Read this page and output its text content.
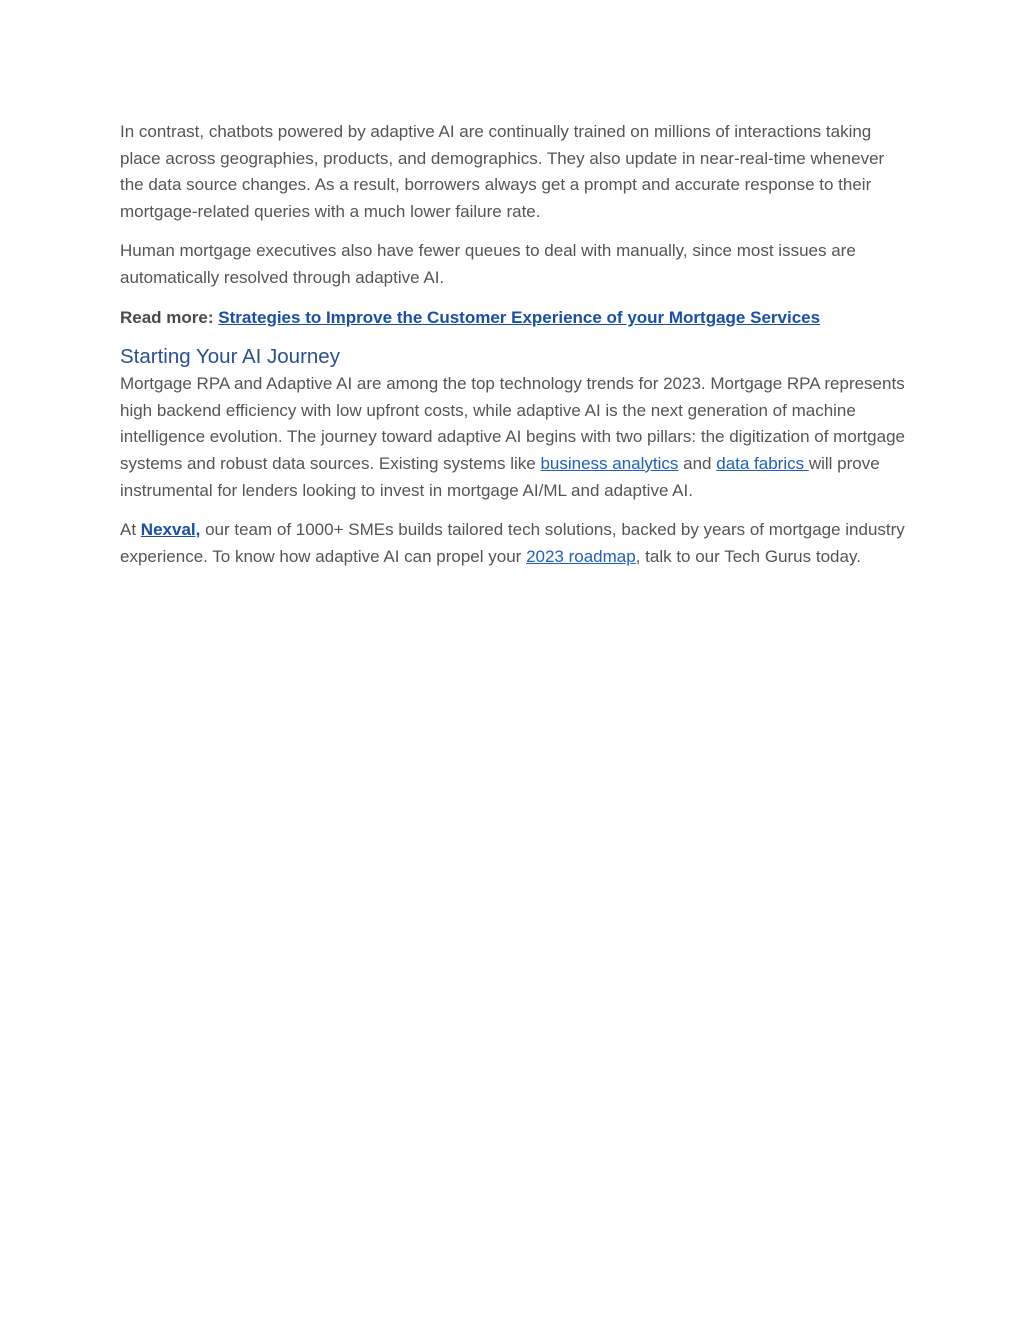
In contrast, chatbots powered by adaptive AI are continually trained on millions of interactions taking place across geographies, products, and demographics. They also update in near-real-time whenever the data source changes. As a result, borrowers always get a prompt and accurate response to their mortgage-related queries with a much lower failure rate.

Human mortgage executives also have fewer queues to deal with manually, since most issues are automatically resolved through adaptive AI.

Read more: Strategies to Improve the Customer Experience of your Mortgage Services

Starting Your AI Journey

Mortgage RPA and Adaptive AI are among the top technology trends for 2023. Mortgage RPA represents high backend efficiency with low upfront costs, while adaptive AI is the next generation of machine intelligence evolution. The journey toward adaptive AI begins with two pillars: the digitization of mortgage systems and robust data sources. Existing systems like business analytics and data fabrics will prove instrumental for lenders looking to invest in mortgage AI/ML and adaptive AI.

At Nexval, our team of 1000+ SMEs builds tailored tech solutions, backed by years of mortgage industry experience. To know how adaptive AI can propel your 2023 roadmap, talk to our Tech Gurus today.
